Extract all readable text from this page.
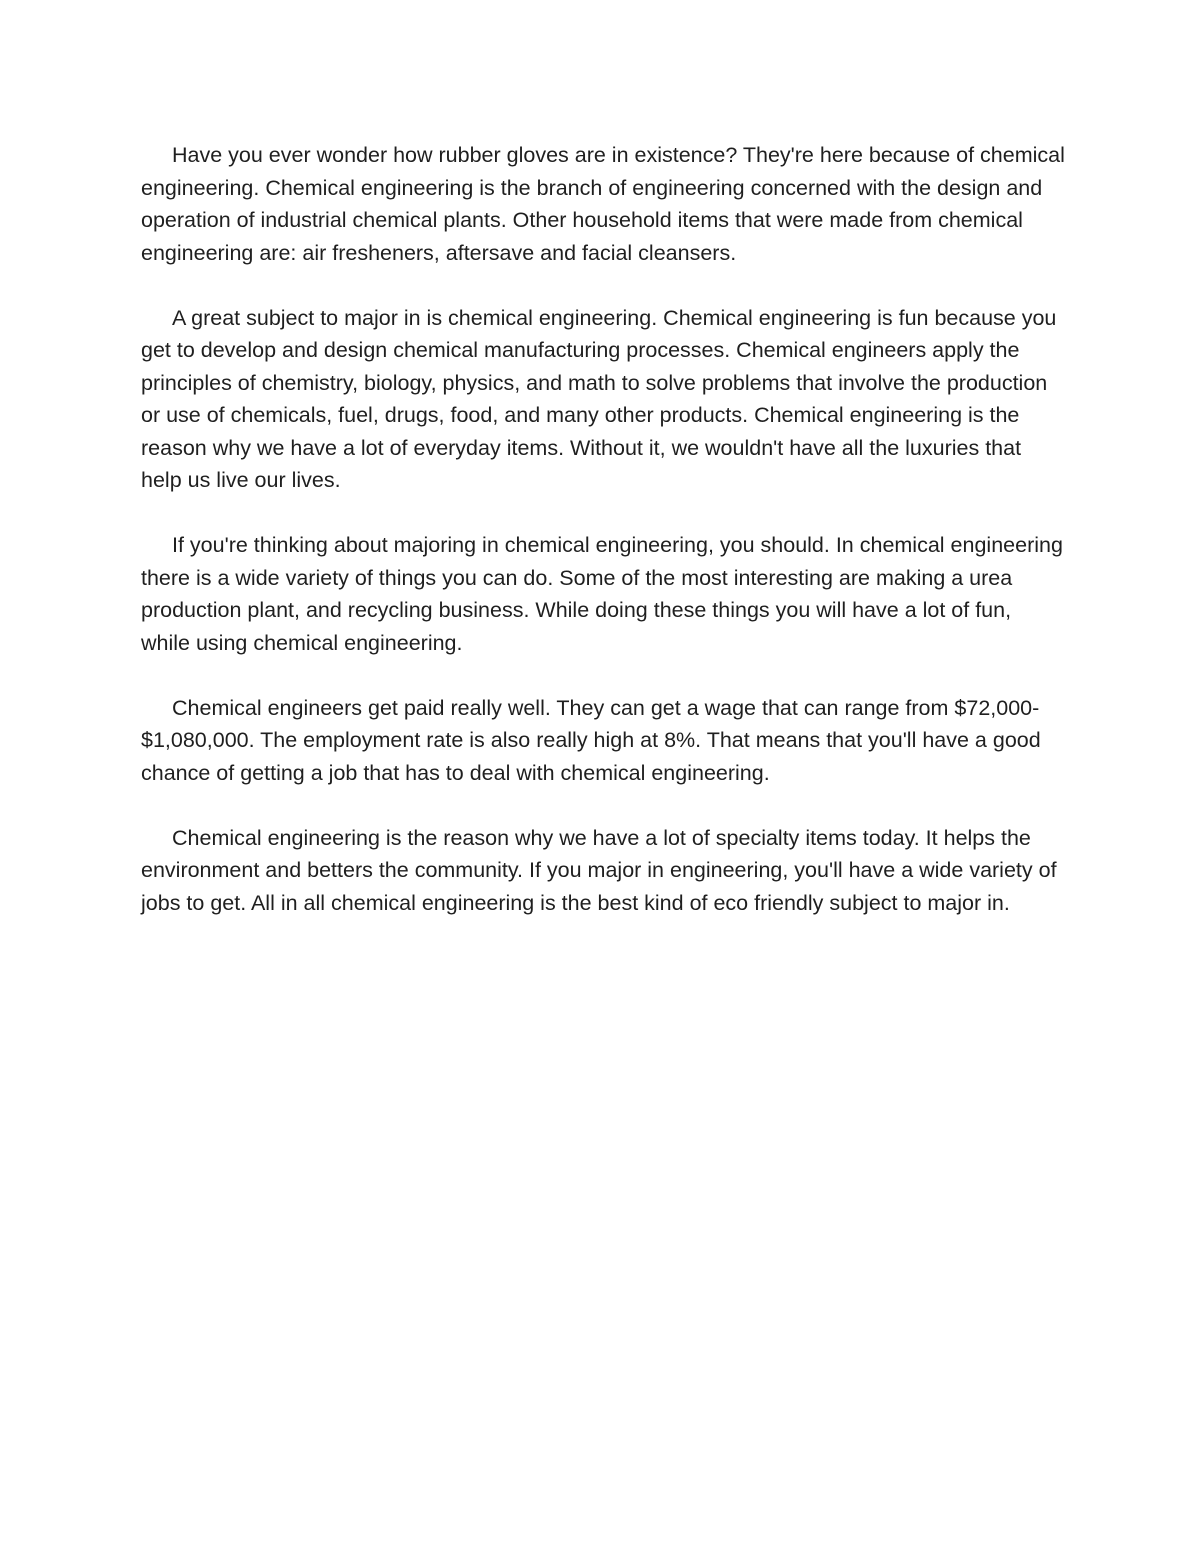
Have you ever wonder how rubber gloves are in existence? They're here because of chemical engineering. Chemical engineering is the branch of engineering concerned with the design and operation of industrial chemical plants. Other household items that were made from chemical engineering are: air fresheners, aftersave and facial cleansers.

A great subject to major in is chemical engineering. Chemical engineering is fun because you get to develop and design chemical manufacturing processes. Chemical engineers apply the principles of chemistry, biology, physics, and math to solve problems that involve the production or use of chemicals, fuel, drugs, food, and many other products. Chemical engineering is the reason why we have a lot of everyday items. Without it, we wouldn't have all the luxuries that help us live our lives.

If you're thinking about majoring in chemical engineering, you should. In chemical engineering there is a wide variety of things you can do. Some of the most interesting are making a urea production plant, and recycling business. While doing these things you will have a lot of fun, while using chemical engineering.

Chemical engineers get paid really well. They can get a wage that can range from $72,000- $1,080,000. The employment rate is also really high at 8%. That means that you'll have a good chance of getting a job that has to deal with chemical engineering.

Chemical engineering is the reason why we have a lot of specialty items today. It helps the environment and betters the community. If you major in engineering, you'll have a wide variety of jobs to get. All in all chemical engineering is the best kind of eco friendly subject to major in.
